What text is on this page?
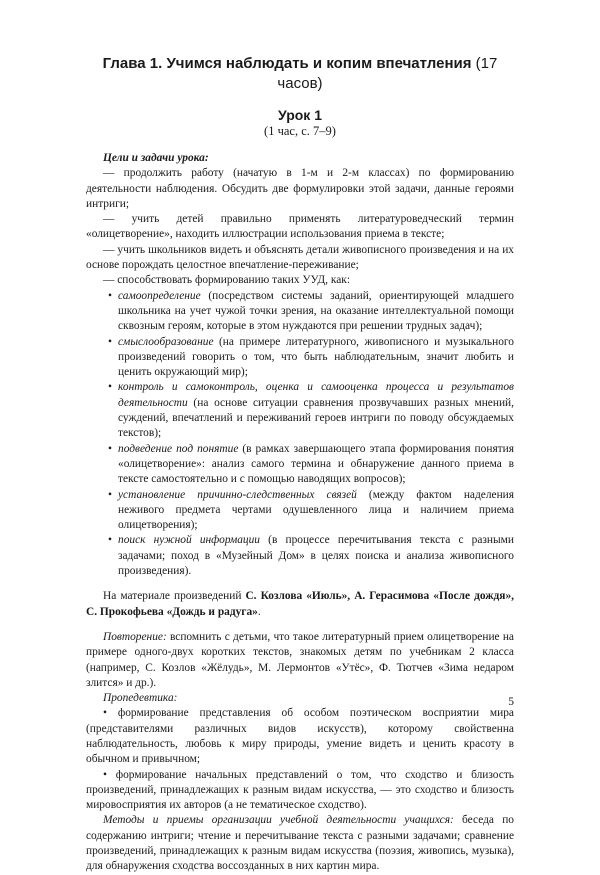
Глава 1. Учимся наблюдать и копим впечатления (17 часов)
Урок 1
(1 час, с. 7–9)

Цели и задачи урока:

— продолжить работу (начатую в 1-м и 2-м классах) по формированию деятельности наблюдения. Обсудить две формулировки этой задачи, данные героями интриги;

— учить детей правильно применять литературоведческий термин «олицетворение», находить иллюстрации использования приема в тексте;

— учить школьников видеть и объяснять детали живописного произведения и на их основе порождать целостное впечатление-переживание;

— способствовать формированию таких УУД, как:

• самоопределение (посредством системы заданий, ориентирующей младшего школьника на учет чужой точки зрения, на оказание интеллектуальной помощи сквозным героям, которые в этом нуждаются при решении трудных задач);
• смыслообразование (на примере литературного, живописного и музыкального произведений говорить о том, что быть наблюдательным, значит любить и ценить окружающий мир);
• контроль и самоконтроль, оценка и самооценка процесса и результатов деятельности (на основе ситуации сравнения прозвучавших разных мнений, суждений, впечатлений и переживаний героев интриги по поводу обсуждаемых текстов);
• подведение под понятие (в рамках завершающего этапа формирования понятия «олицетворение»: анализ самого термина и обнаружение данного приема в тексте самостоятельно и с помощью наводящих вопросов);
• установление причинно-следственных связей (между фактом наделения неживого предмета чертами одушевленного лица и наличием приема олицетворения);
• поиск нужной информации (в процессе перечитывания текста с разными задачами; поход в «Музейный Дом» в целях поиска и анализа живописного произведения).

На материале произведений С. Козлова «Июль», А. Герасимова «После дождя», С. Прокофьева «Дождь и радуга».

Повторение: вспомнить с детьми, что такое литературный прием олицетворение на примере одного-двух коротких текстов, знакомых детям по учебникам 2 класса (например, С. Козлов «Жёлудь», М. Лермонтов «Утёс», Ф. Тютчев «Зима недаром злится» и др.).

Пропедевтика:

• формирование представления об особом поэтическом восприятии мира (представителями различных видов искусств), которому свойственна наблюдательность, любовь к миру природы, умение видеть и ценить красоту в обычном и привычном;

• формирование начальных представлений о том, что сходство и близость произведений, принадлежащих к разным видам искусства, — это сходство и близость мировосприятия их авторов (а не тематическое сходство).

Методы и приемы организации учебной деятельности учащихся: беседа по содержанию интриги; чтение и перечитывание текста с разными задачами; сравнение произведений, принадлежащих к разным видам искусства (поэзия, живопись, музыка), для обнаружения сходства воссозданных в них картин мира.

5
